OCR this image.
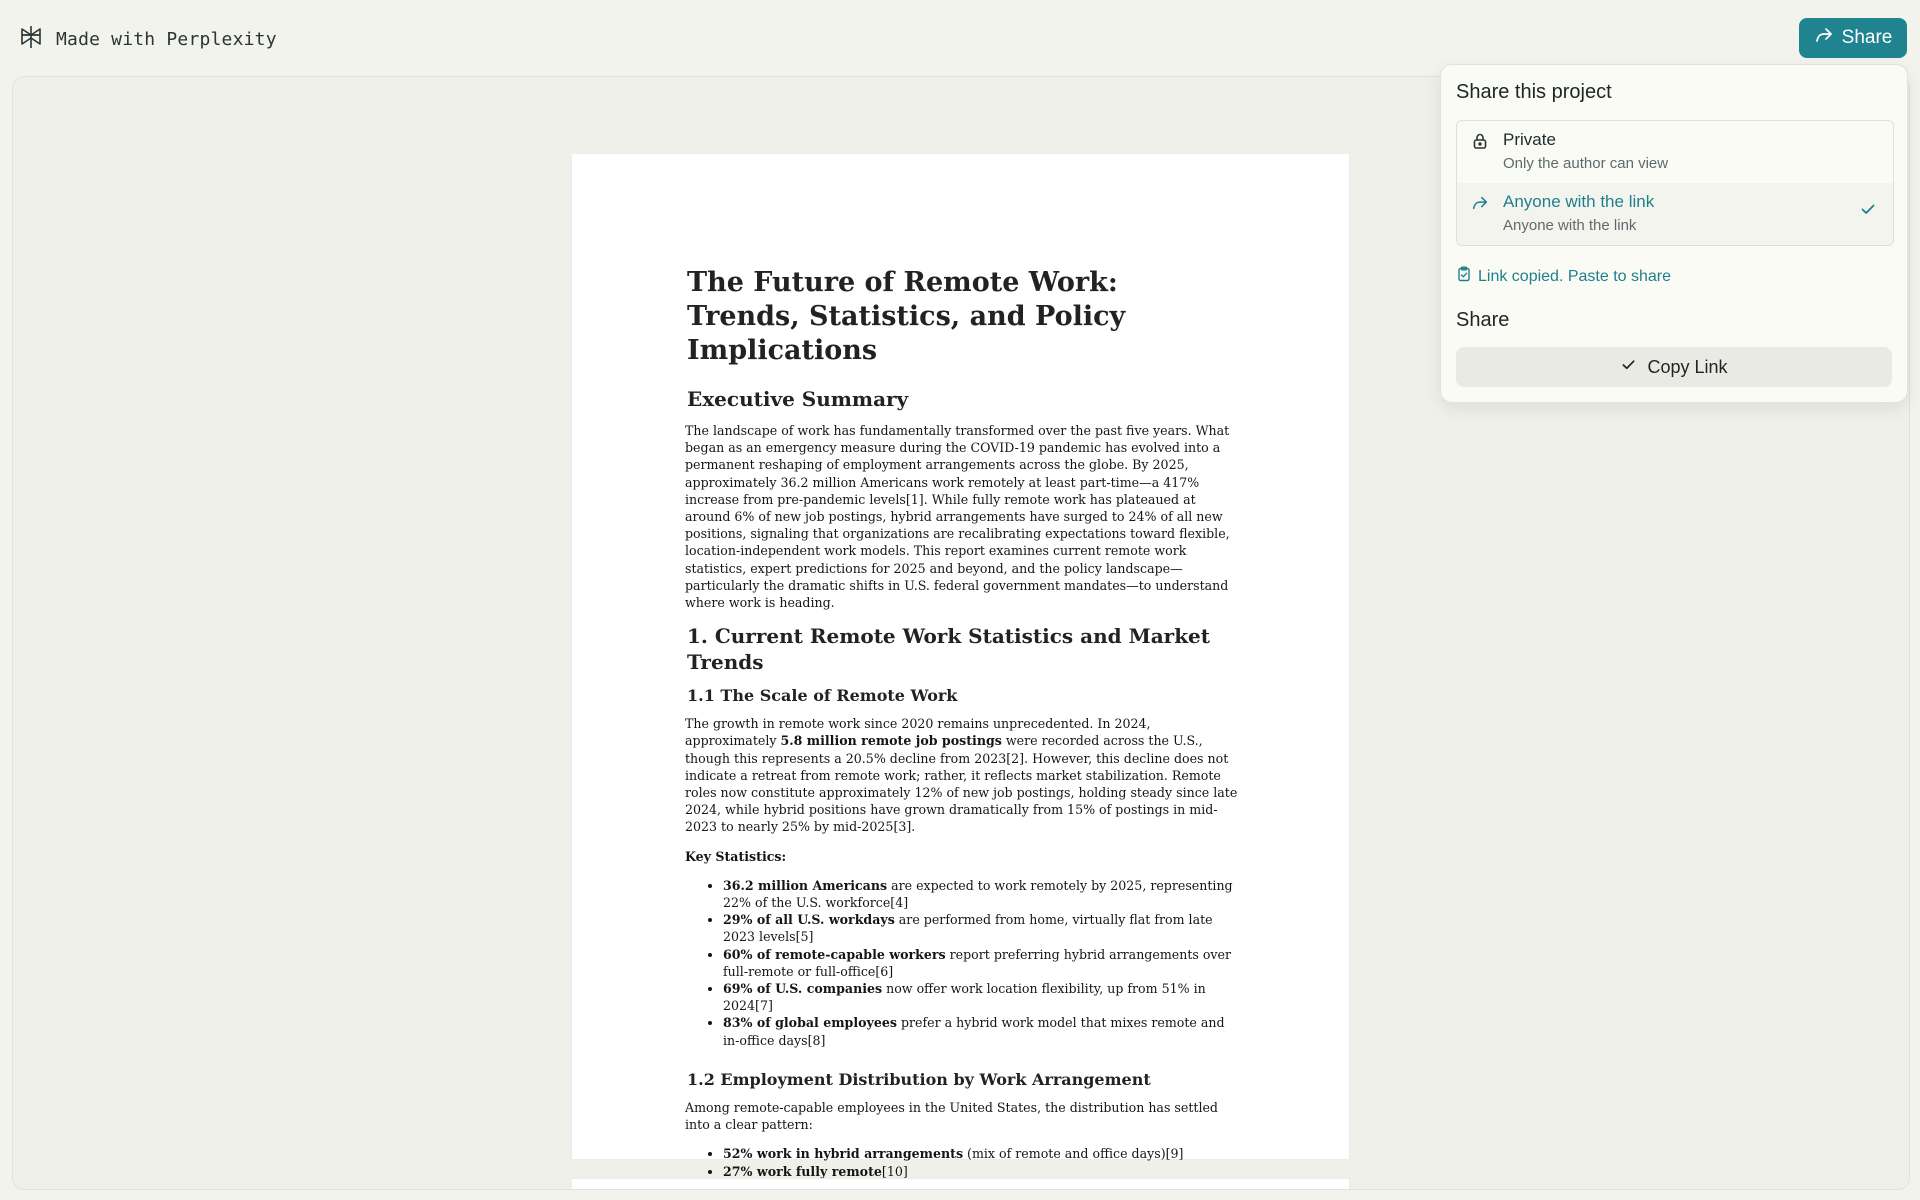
Made with Perplexity	Share
The Future of Remote Work: Trends, Statistics, and Policy Implications
Executive Summary

The landscape of work has fundamentally transformed over the past five years. What began as an emergency measure during the COVID-19 pandemic has evolved into a permanent reshaping of employment arrangements across the globe. By 2025, approximately 36.2 million Americans work remotely at least part-time—a 417% increase from pre-pandemic levels[1]. While fully remote work has plateaued at around 6% of new job postings, hybrid arrangements have surged to 24% of all new positions, signaling that organizations are recalibrating expectations toward flexible, location-independent work models. This report examines current remote work statistics, expert predictions for 2025 and beyond, and the policy landscape—particularly the dramatic shifts in U.S. federal government mandates—to understand where work is heading.

1. Current Remote Work Statistics and Market Trends
1.1 The Scale of Remote Work

The growth in remote work since 2020 remains unprecedented. In 2024, approximately 5.8 million remote job postings were recorded across the U.S., though this represents a 20.5% decline from 2023[2]. However, this decline does not indicate a retreat from remote work; rather, it reflects market stabilization. Remote roles now constitute approximately 12% of new job postings, holding steady since late 2024, while hybrid positions have grown dramatically from 15% of postings in mid-2023 to nearly 25% by mid-2025[3].

Key Statistics:

• 36.2 million Americans are expected to work remotely by 2025, representing 22% of the U.S. workforce[4]
• 29% of all U.S. workdays are performed from home, virtually flat from late 2023 levels[5]
• 60% of remote-capable workers report preferring hybrid arrangements over full-remote or full-office[6]
• 69% of U.S. companies now offer work location flexibility, up from 51% in 2024[7]
• 83% of global employees prefer a hybrid work model that mixes remote and in-office days[8]
1.2 Employment Distribution by Work Arrangement

Among remote-capable employees in the United States, the distribution has settled into a clear pattern:

• 52% work in hybrid arrangements (mix of remote and office days)[9]
• 27% work fully remote[10]
•
Share this project
Private
Only the author can view
Anyone with the link
Anyone with the link
Link copied. Paste to share
Share
Copy Link
